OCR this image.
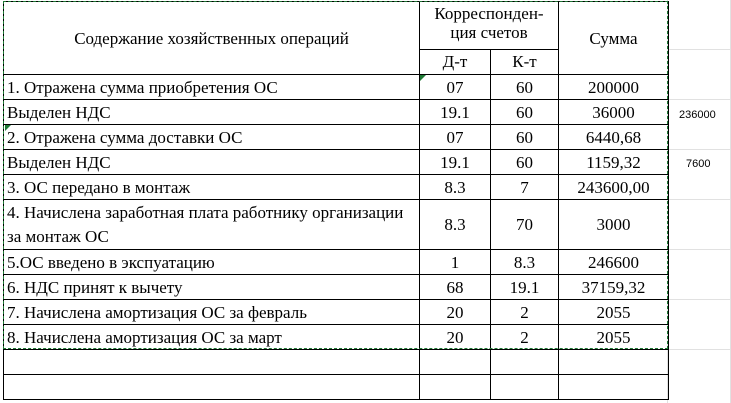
Содержание хозяйственных операций	Корреспонден-
ция счетов		Сумма
	Д-т	К-т	
1. Отражена сумма приобретения ОС	07	60	200000
Выделен НДС	19.1	60	36000
2. Отражена сумма доставки ОС	07	60	6440,68
Выделен НДС	19.1	60	1159,32
3. ОС передано в монтаж	8.3	7	243600,00
4. Начислена заработная плата работнику организации за монтаж ОС	8.3	70	3000
5.ОС введено в экспуатацию	1	8.3	246600
6. НДС принят к вычету	68	19.1	37159,32
7. Начислена амортизация ОС за февраль	20	2	2055
8. Начислена амортизация ОС за март	20	2	2055

236000
7600
